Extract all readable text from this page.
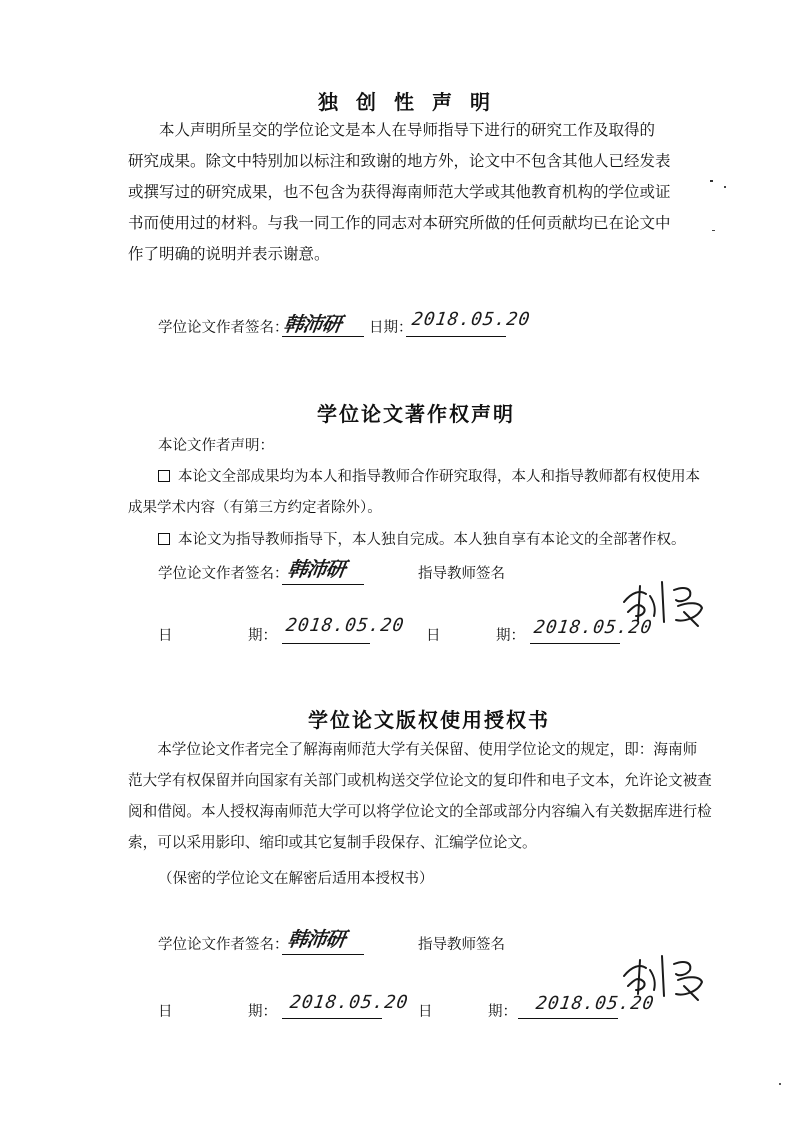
独创性声明

　　本人声明所呈交的学位论文是本人在导师指导下进行的研究工作及取得的

研究成果。除文中特别加以标注和致谢的地方外，论文中不包含其他人已经发表

或撰写过的研究成果，也不包含为获得海南师范大学或其他教育机构的学位或证

书而使用过的材料。与我一同工作的同志对本研究所做的任何贡献均已在论文中

作了明确的说明并表示谢意。

学位论文作者签名：
韩沛研 日期：
2018.05.20
学位论文著作权声明
本论文作者声明：
本论文全部成果均为本人和指导教师合作研究取得，本人和指导教师都有权使用本
成果学术内容（有第三方约定者除外）。
本论文为指导教师指导下，本人独自完成。本人独自享有本论文的全部著作权。
学位论文作者签名：
韩沛研	指导教师签名
日	期： 2018.05.20 日	期： 2018.05.20
学位论文版权使用授权书

　　本学位论文作者完全了解海南师范大学有关保留、使用学位论文的规定，即：海南师

范大学有权保留并向国家有关部门或机构送交学位论文的复印件和电子文本，允许论文被查

阅和借阅。本人授权海南师范大学可以将学位论文的全部或部分内容编入有关数据库进行检

索，可以采用影印、缩印或其它复制手段保存、汇编学位论文。

（保密的学位论文在解密后适用本授权书）
学位论文作者签名：
韩沛研	指导教师签名
日	期： 2018.05.20 日	期： 2018.05.20
